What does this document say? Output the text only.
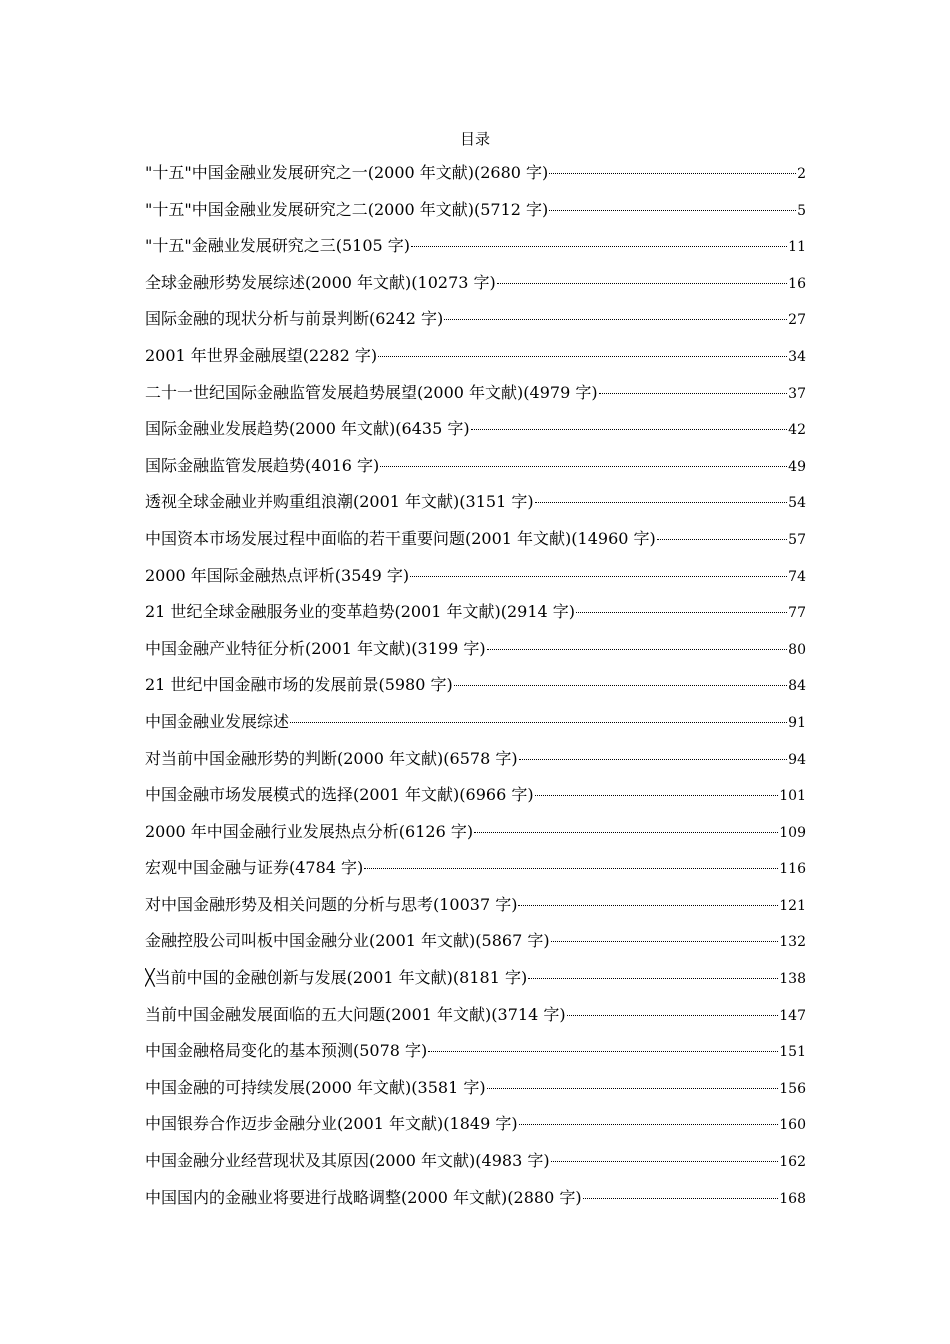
目录
"十五"中国金融业发展研究之一(2000 年文献)(2680 字)	2
"十五"中国金融业发展研究之二(2000 年文献)(5712 字)	5
"十五"金融业发展研究之三(5105 字)	11
全球金融形势发展综述(2000 年文献)(10273 字)	16
国际金融的现状分析与前景判断(6242 字)	27
2001 年世界金融展望(2282 字)	34
二十一世纪国际金融监管发展趋势展望(2000 年文献)(4979 字)	37
国际金融业发展趋势(2000 年文献)(6435 字)	42
国际金融监管发展趋势(4016 字)	49
透视全球金融业并购重组浪潮(2001 年文献)(3151 字)	54
中国资本市场发展过程中面临的若干重要问题(2001 年文献)(14960 字)	57
2000 年国际金融热点评析(3549 字)	74
21 世纪全球金融服务业的变革趋势(2001 年文献)(2914 字)	77
中国金融产业特征分析(2001 年文献)(3199 字)	80
21 世纪中国金融市场的发展前景(5980 字)	84
中国金融业发展综述	91
对当前中国金融形势的判断(2000 年文献)(6578 字)	94
中国金融市场发展模式的选择(2001 年文献)(6966 字)	101
2000 年中国金融行业发展热点分析(6126 字)	109
宏观中国金融与证券(4784 字)	116
对中国金融形势及相关问题的分析与思考(10037 字)	121
金融控股公司叫板中国金融分业(2001 年文献)(5867 字)	132
╳当前中国的金融创新与发展(2001 年文献)(8181 字)	138
当前中国金融发展面临的五大问题(2001 年文献)(3714 字)	147
中国金融格局变化的基本预测(5078 字)	151
中国金融的可持续发展(2000 年文献)(3581 字)	156
中国银券合作迈步金融分业(2001 年文献)(1849 字)	160
中国金融分业经营现状及其原因(2000 年文献)(4983 字)	162
中国国内的金融业将要进行战略调整(2000 年文献)(2880 字)	168
